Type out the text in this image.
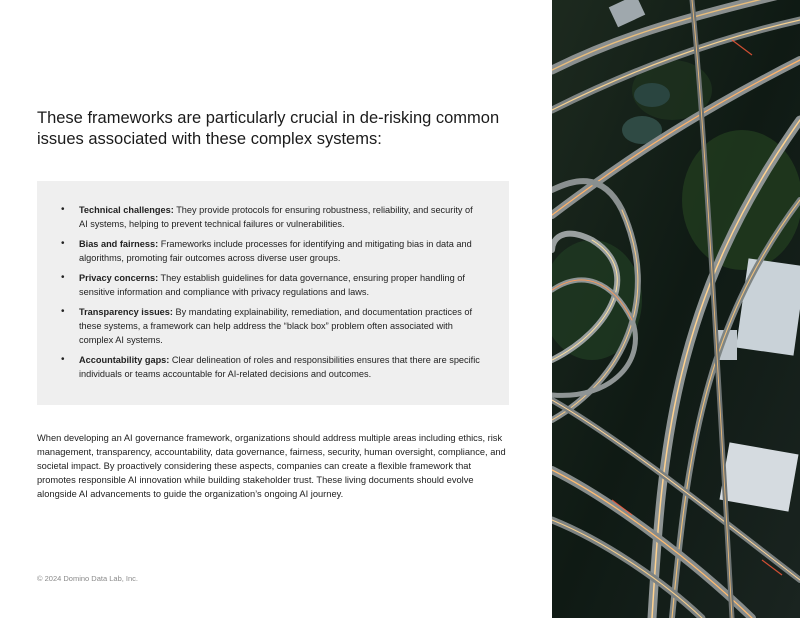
These frameworks are particularly crucial in de-risking common issues associated with these complex systems:
• Technical challenges: They provide protocols for ensuring robustness, reliability, and security of AI systems, helping to prevent technical failures or vulnerabilities.
• Bias and fairness: Frameworks include processes for identifying and mitigating bias in data and algorithms, promoting fair outcomes across diverse user groups.
• Privacy concerns: They establish guidelines for data governance, ensuring proper handling of sensitive information and compliance with privacy regulations and laws.
• Transparency issues: By mandating explainability, remediation, and documentation practices of these systems, a framework can help address the “black box” problem often associated with complex AI systems.
• Accountability gaps: Clear delineation of roles and responsibilities ensures that there are specific individuals or teams accountable for AI-related decisions and outcomes.
When developing an AI governance framework, organizations should address multiple areas including ethics, risk management, transparency, accountability, data governance, fairness, security, human oversight, compliance, and societal impact. By proactively considering these aspects, companies can create a flexible framework that promotes responsible AI innovation while building stakeholder trust. These living documents should evolve alongside AI advancements to guide the organization’s ongoing AI journey.
© 2024 Domino Data Lab, Inc.
